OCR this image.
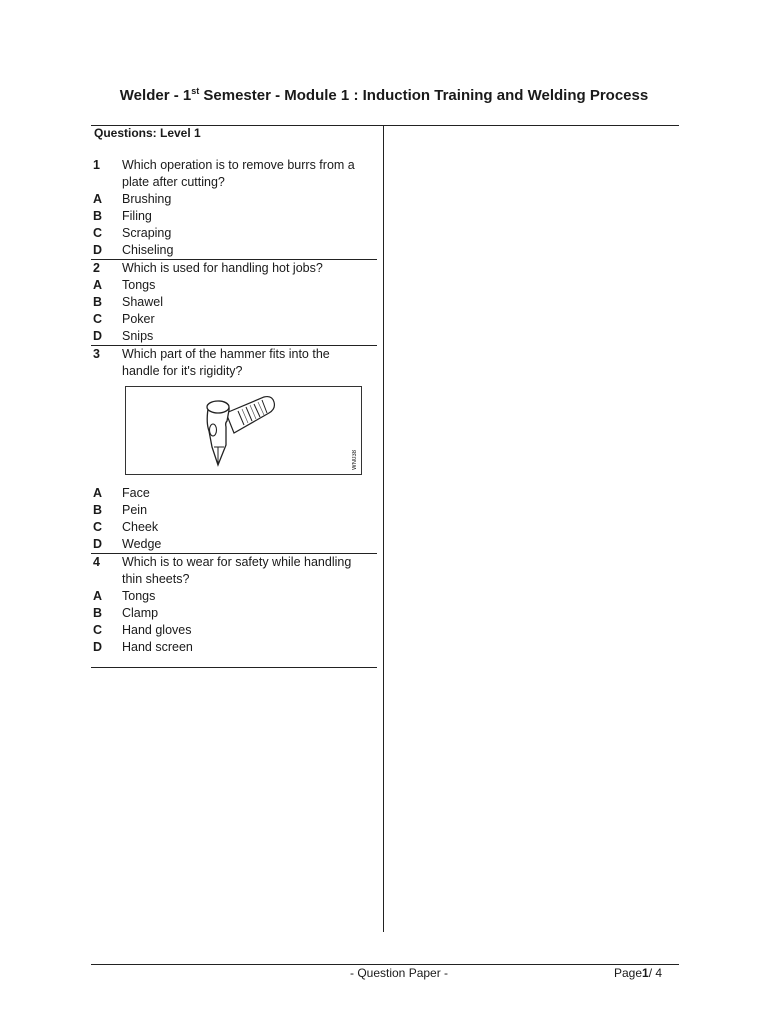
Welder - 1st Semester - Module 1 : Induction Training and Welding Process
Questions: Level 1
1	Which operation is to remove burrs from a plate after cutting?
A	Brushing
B	Filing
C	Scraping
D	Chiseling
2	Which is used for handling hot jobs?
A	Tongs
B	Shawel
C	Poker
D	Snips
3	Which part of the hammer fits into the handle for it's rigidity?
WN038
A	Face
B	Pein
C	Cheek
D	Wedge
4	Which is to wear for safety while handling thin sheets?
A	Tongs
B	Clamp
C	Hand gloves
D	Hand screen
- Question Paper -	Page1/ 4
